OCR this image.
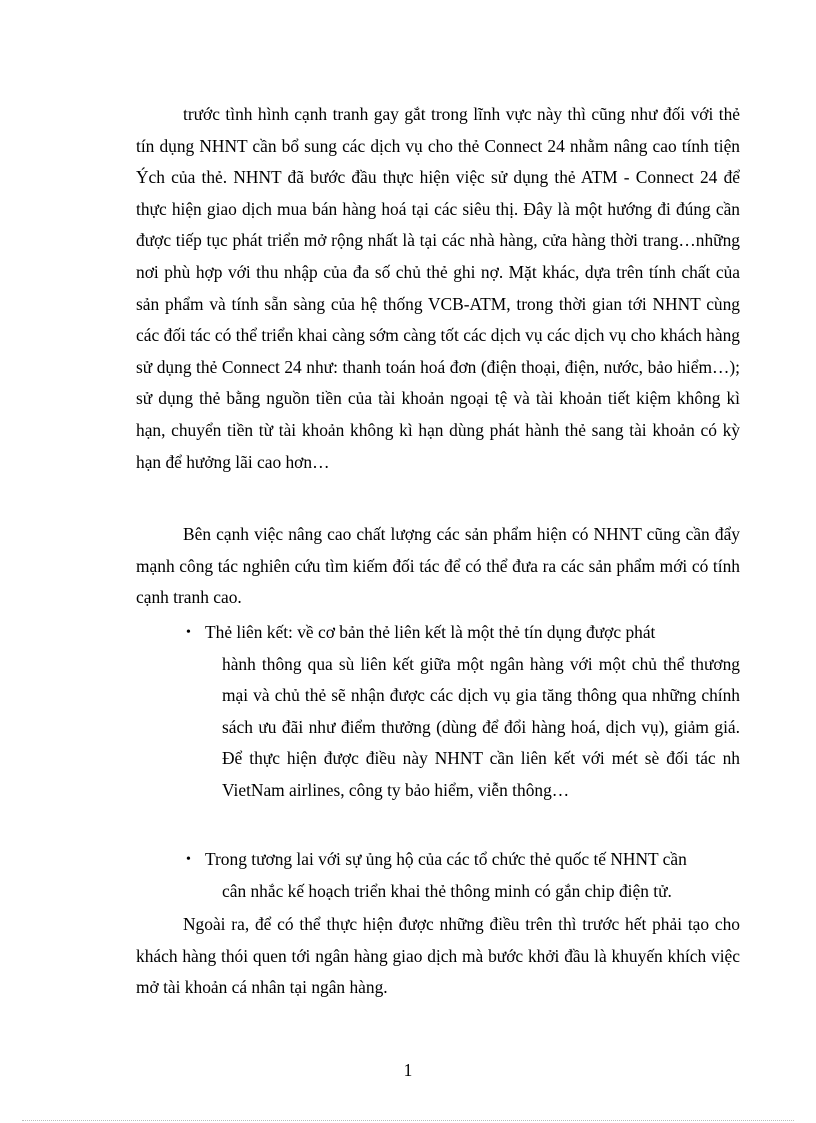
trước tình hình cạnh tranh gay gắt trong lĩnh vực này thì cũng như đối với thẻ tín dụng NHNT cần bổ sung các dịch vụ cho thẻ Connect 24 nhằm nâng cao tính tiện Ých của thẻ. NHNT đã bước đầu thực hiện việc sử dụng thẻ ATM - Connect 24 để thực hiện giao dịch mua bán hàng hoá tại các siêu thị. Đây là một hướng đi đúng cần được tiếp tục phát triển mở rộng nhất là tại các nhà hàng, cửa hàng thời trang…những nơi phù hợp với thu nhập của đa số chủ thẻ ghi nợ. Mặt khác, dựa trên tính chất của sản phẩm và tính sẵn sàng của hệ thống VCB-ATM, trong thời gian tới NHNT cùng các đối tác có thể triển khai càng sớm càng tốt các dịch vụ các dịch vụ cho khách hàng sử dụng thẻ Connect 24 như: thanh toán hoá đơn (điện thoại, điện, nước, bảo hiểm…); sử dụng thẻ bằng nguồn tiền của tài khoản ngoại tệ và tài khoản tiết kiệm không kì hạn, chuyển tiền từ tài khoản không kì hạn dùng phát hành thẻ sang tài khoản có kỳ hạn để hưởng lãi cao hơn…

Bên cạnh việc nâng cao chất lượng các sản phẩm hiện có NHNT cũng cần đẩy mạnh công tác nghiên cứu tìm kiếm đối tác để có thể đưa ra các sản phẩm mới có tính cạnh tranh cao.

• Thẻ liên kết: về cơ bản thẻ liên kết là một thẻ tín dụng được phát

hành thông qua sù liên kết giữa một ngân hàng với một chủ thể thương mại và chủ thẻ sẽ nhận được các dịch vụ gia tăng thông qua những chính sách ưu đãi như điểm thưởng (dùng để đổi hàng hoá, dịch vụ), giảm giá. Để thực hiện được điều này NHNT cần liên kết với mét sè đối tác nh VietNam airlines, công ty bảo hiểm, viễn thông…

• Trong tương lai với sự ủng hộ của các tổ chức thẻ quốc tế NHNT cần

cân nhắc kế hoạch triển khai thẻ thông minh có gắn chip điện tử.

Ngoài ra, để có thể thực hiện được những điều trên thì trước hết phải tạo cho khách hàng thói quen tới ngân hàng giao dịch mà bước khởi đầu là khuyến khích việc mở tài khoản cá nhân tại ngân hàng.

1
